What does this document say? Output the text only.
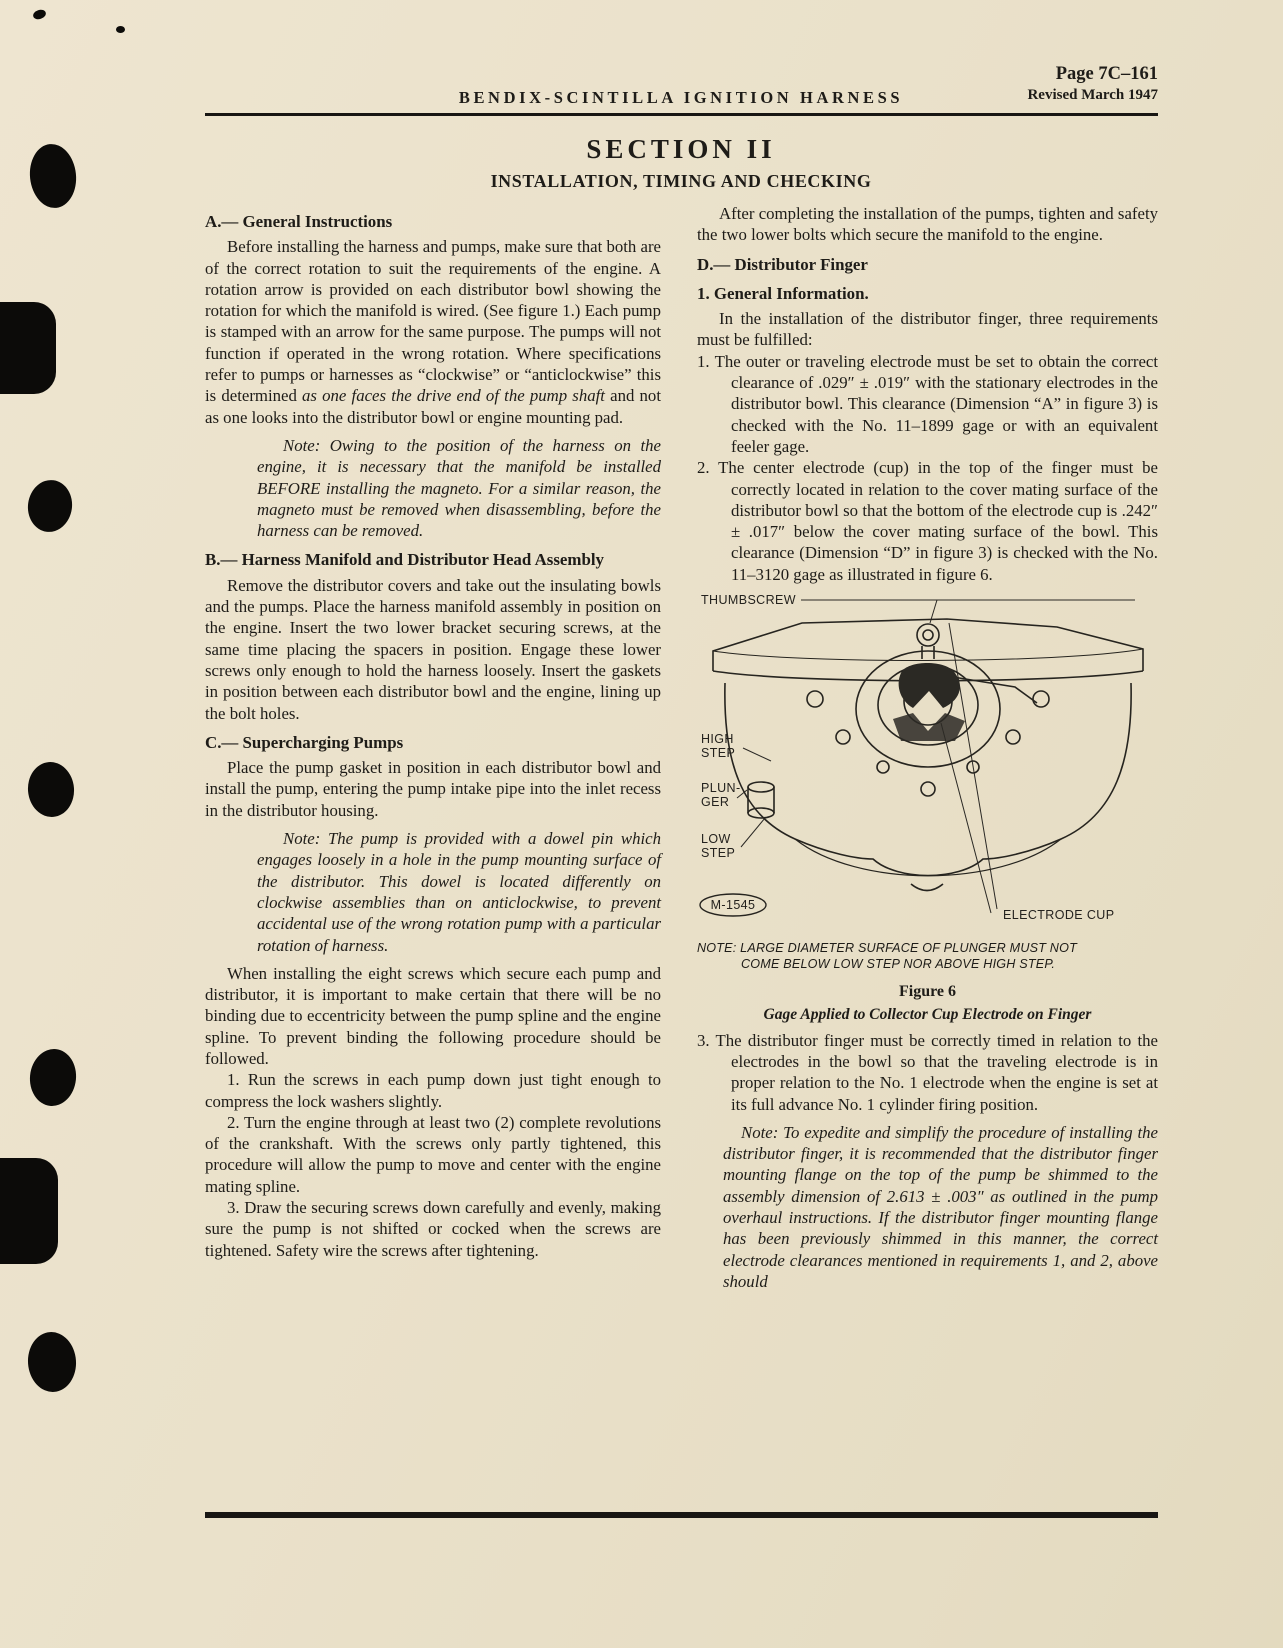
BENDIX-SCINTILLA IGNITION HARNESS
Page 7C–161
Revised March 1947
SECTION II
INSTALLATION, TIMING AND CHECKING
A.— General Instructions

Before installing the harness and pumps, make sure that both are of the correct rotation to suit the requirements of the engine. A rotation arrow is provided on each distributor bowl showing the rotation for which the manifold is wired. (See figure 1.) Each pump is stamped with an arrow for the same purpose. The pumps will not function if operated in the wrong rotation. Where specifications refer to pumps or harnesses as “clockwise” or “anticlockwise” this is determined as one faces the drive end of the pump shaft and not as one looks into the distributor bowl or engine mounting pad.

Note: Owing to the position of the harness on the engine, it is necessary that the manifold be installed BEFORE installing the magneto. For a similar reason, the magneto must be removed when disassembling, before the harness can be removed.

B.— Harness Manifold and Distributor Head Assembly

Remove the distributor covers and take out the insulating bowls and the pumps. Place the harness manifold assembly in position on the engine. Insert the two lower bracket securing screws, at the same time placing the spacers in position. Engage these lower screws only enough to hold the harness loosely. Insert the gaskets in position between each distributor bowl and the engine, lining up the bolt holes.

C.— Supercharging Pumps

Place the pump gasket in position in each distributor bowl and install the pump, entering the pump intake pipe into the inlet recess in the distributor housing.

Note: The pump is provided with a dowel pin which engages loosely in a hole in the pump mounting surface of the distributor. This dowel is located differently on clockwise assemblies than on anticlockwise, to prevent accidental use of the wrong rotation pump with a particular rotation of harness.

When installing the eight screws which secure each pump and distributor, it is important to make certain that there will be no binding due to eccentricity between the pump spline and the engine spline. To prevent binding the following procedure should be followed.

1. Run the screws in each pump down just tight enough to compress the lock washers slightly.

2. Turn the engine through at least two (2) complete revolutions of the crankshaft. With the screws only partly tightened, this procedure will allow the pump to move and center with the engine mating spline.

3. Draw the securing screws down carefully and evenly, making sure the pump is not shifted or cocked when the screws are tightened. Safety wire the screws after tightening.

After completing the installation of the pumps, tighten and safety the two lower bolts which secure the manifold to the engine.

D.— Distributor Finger
1. General Information.

In the installation of the distributor finger, three requirements must be fulfilled:

1. The outer or traveling electrode must be set to obtain the correct clearance of .029″ ± .019″ with the stationary electrodes in the distributor bowl. This clearance (Dimension “A” in figure 3) is checked with the No. 11–1899 gage or with an equivalent feeler gage.

2. The center electrode (cup) in the top of the finger must be correctly located in relation to the cover mating surface of the distributor bowl so that the bottom of the electrode cup is .242″ ± .017″ below the cover mating surface of the bowl. This clearance (Dimension “D” in figure 3) is checked with the No. 11–3120 gage as illustrated in figure 6.

THUMBSCREW
HIGH
STEP
PLUN-
GER
LOW
STEP
ELECTRODE CUP
M-1545
NOTE: LARGE DIAMETER SURFACE OF PLUNGER MUST NOT
COME BELOW LOW STEP NOR ABOVE HIGH STEP.
Figure 6
Gage Applied to Collector Cup Electrode on Finger

3. The distributor finger must be correctly timed in relation to the electrodes in the bowl so that the traveling electrode is in proper relation to the No. 1 electrode when the engine is set at its full advance No. 1 cylinder firing position.

Note: To expedite and simplify the procedure of installing the distributor finger, it is recommended that the distributor finger mounting flange on the top of the pump be shimmed to the assembly dimension of 2.613 ± .003″ as outlined in the pump overhaul instructions. If the distributor finger mounting flange has been previously shimmed in this manner, the correct electrode clearances mentioned in requirements 1, and 2, above should
